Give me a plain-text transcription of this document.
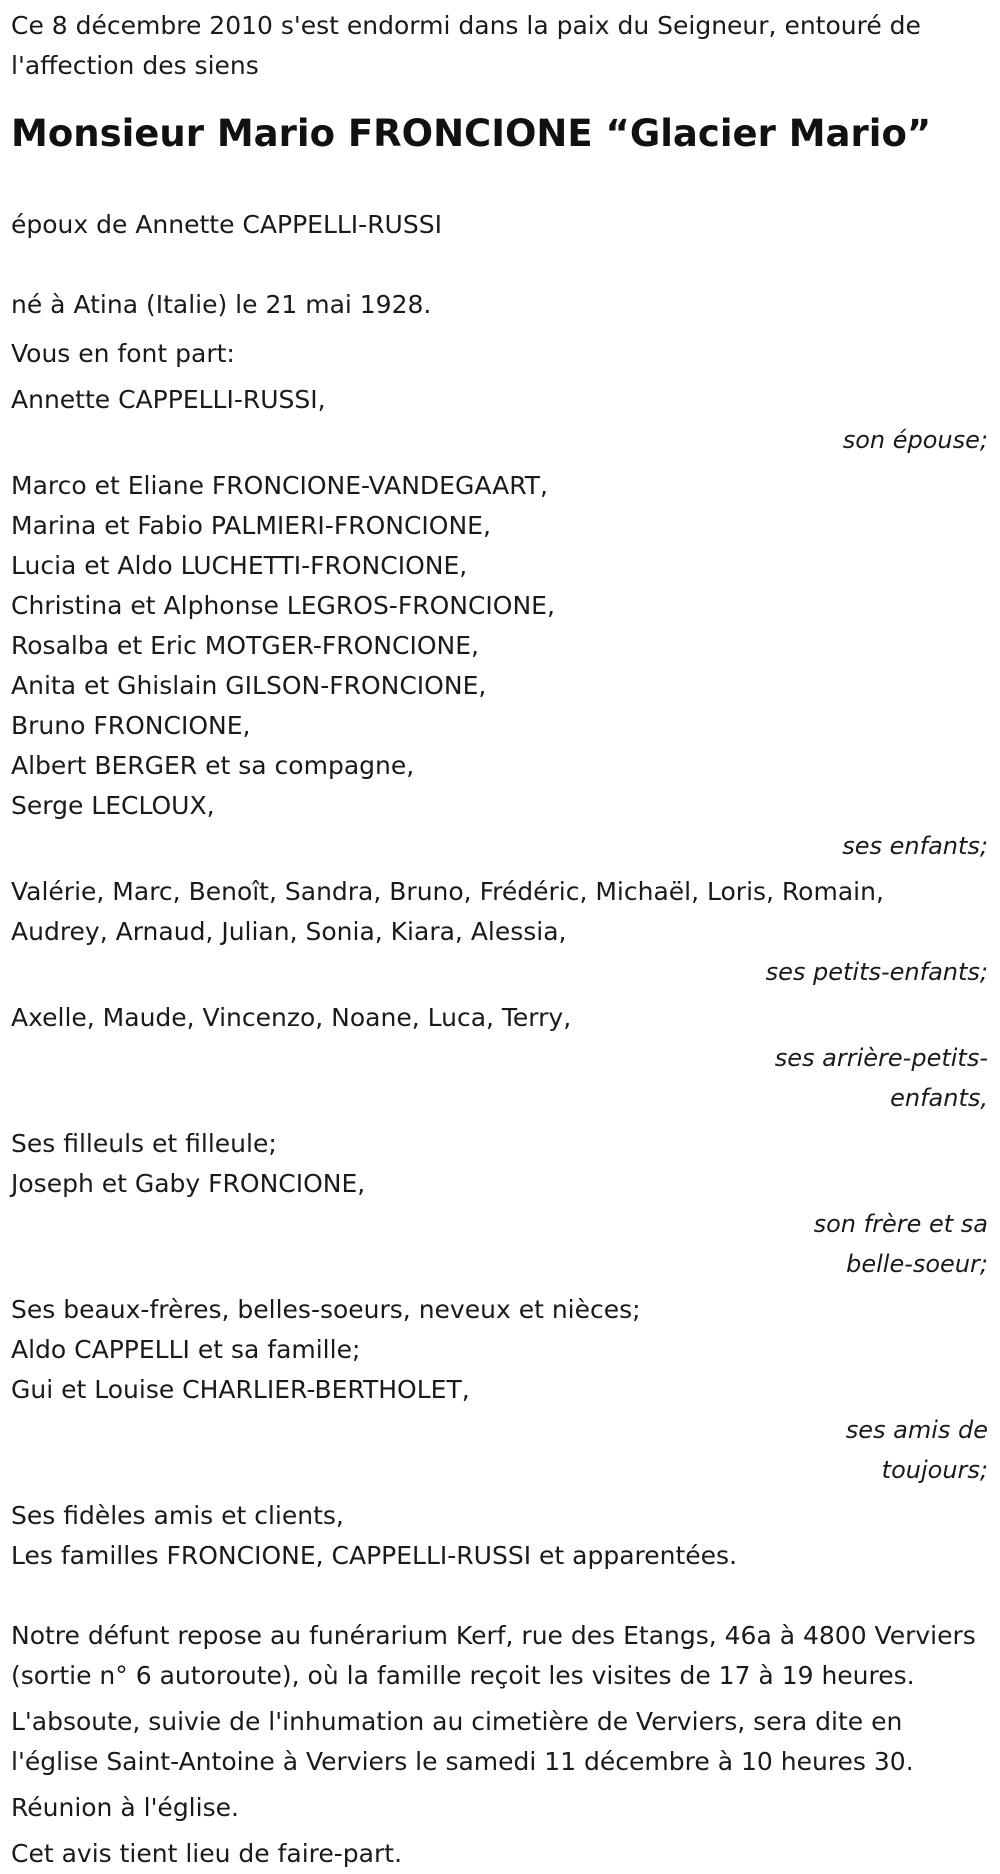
Ce 8 décembre 2010 s'est endormi dans la paix du Seigneur, entouré de l'affection des siens

Monsieur Mario FRONCIONE “Glacier Mario”

époux de Annette CAPPELLI-RUSSI

né à Atina (Italie) le 21 mai 1928.

Vous en font part:

Annette CAPPELLI-RUSSI,
son épouse;
Marco et Eliane FRONCIONE-VANDEGAART,
Marina et Fabio PALMIERI-FRONCIONE,
Lucia et Aldo LUCHETTI-FRONCIONE,
Christina et Alphonse LEGROS-FRONCIONE,
Rosalba et Eric MOTGER-FRONCIONE,
Anita et Ghislain GILSON-FRONCIONE,
Bruno FRONCIONE,
Albert BERGER et sa compagne,
Serge LECLOUX,
ses enfants;
Valérie, Marc, Benoît, Sandra, Bruno, Frédéric, Michaël, Loris, Romain, Audrey, Arnaud, Julian, Sonia, Kiara, Alessia,
ses petits-enfants;
Axelle, Maude, Vincenzo, Noane, Luca, Terry,
ses arrière-petits-enfants,
Ses filleuls et filleule;
Joseph et Gaby FRONCIONE,
son frère et sa belle-soeur;
Ses beaux-frères, belles-soeurs, neveux et nièces;
Aldo CAPPELLI et sa famille;
Gui et Louise CHARLIER-BERTHOLET,
ses amis de toujours;
Ses fidèles amis et clients,
Les familles FRONCIONE, CAPPELLI-RUSSI et apparentées.

Notre défunt repose au funérarium Kerf, rue des Etangs, 46a à 4800 Verviers (sortie n° 6 autoroute), où la famille reçoit les visites de 17 à 19 heures.

L'absoute, suivie de l'inhumation au cimetière de Verviers, sera dite en l'église Saint-Antoine à Verviers le samedi 11 décembre à 10 heures 30.

Réunion à l'église.

Cet avis tient lieu de faire-part.
